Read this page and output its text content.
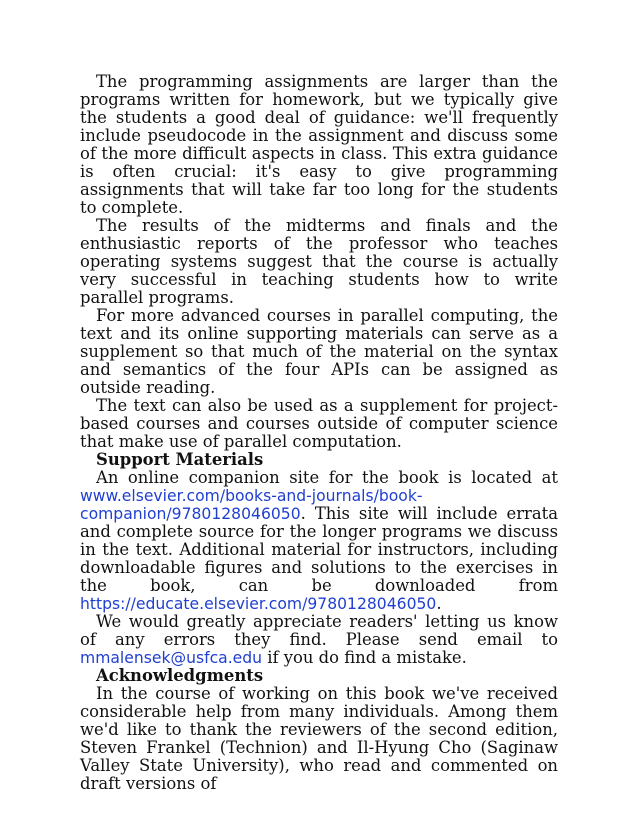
The programming assignments are larger than the programs written for homework, but we typically give the students a good deal of guidance: we'll frequently include pseudocode in the assignment and discuss some of the more difficult aspects in class. This extra guidance is often crucial: it's easy to give programming assignments that will take far too long for the students to complete.

The results of the midterms and finals and the enthusiastic reports of the professor who teaches operating systems suggest that the course is actually very successful in teaching students how to write parallel programs.

For more advanced courses in parallel computing, the text and its online supporting materials can serve as a supplement so that much of the material on the syntax and semantics of the four APIs can be assigned as outside reading.

The text can also be used as a supplement for project-based courses and courses outside of computer science that make use of parallel computation.

Support Materials

An online companion site for the book is located at www.elsevier.com/books-and-journals/book-
companion/9780128046050. This site will include errata and complete source for the longer programs we discuss in the text. Additional material for instructors, including downloadable figures and solutions to the exercises in the book, can be downloaded from https://educate.elsevier.com/9780128046050.

We would greatly appreciate readers' letting us know of any errors they find. Please send email to mmalensek@usfca.edu if you do find a mistake.

Acknowledgments

In the course of working on this book we've received considerable help from many individuals. Among them we'd like to thank the reviewers of the second edition, Steven Frankel (Technion) and Il-Hyung Cho (Saginaw Valley State University), who read and commented on draft versions of
